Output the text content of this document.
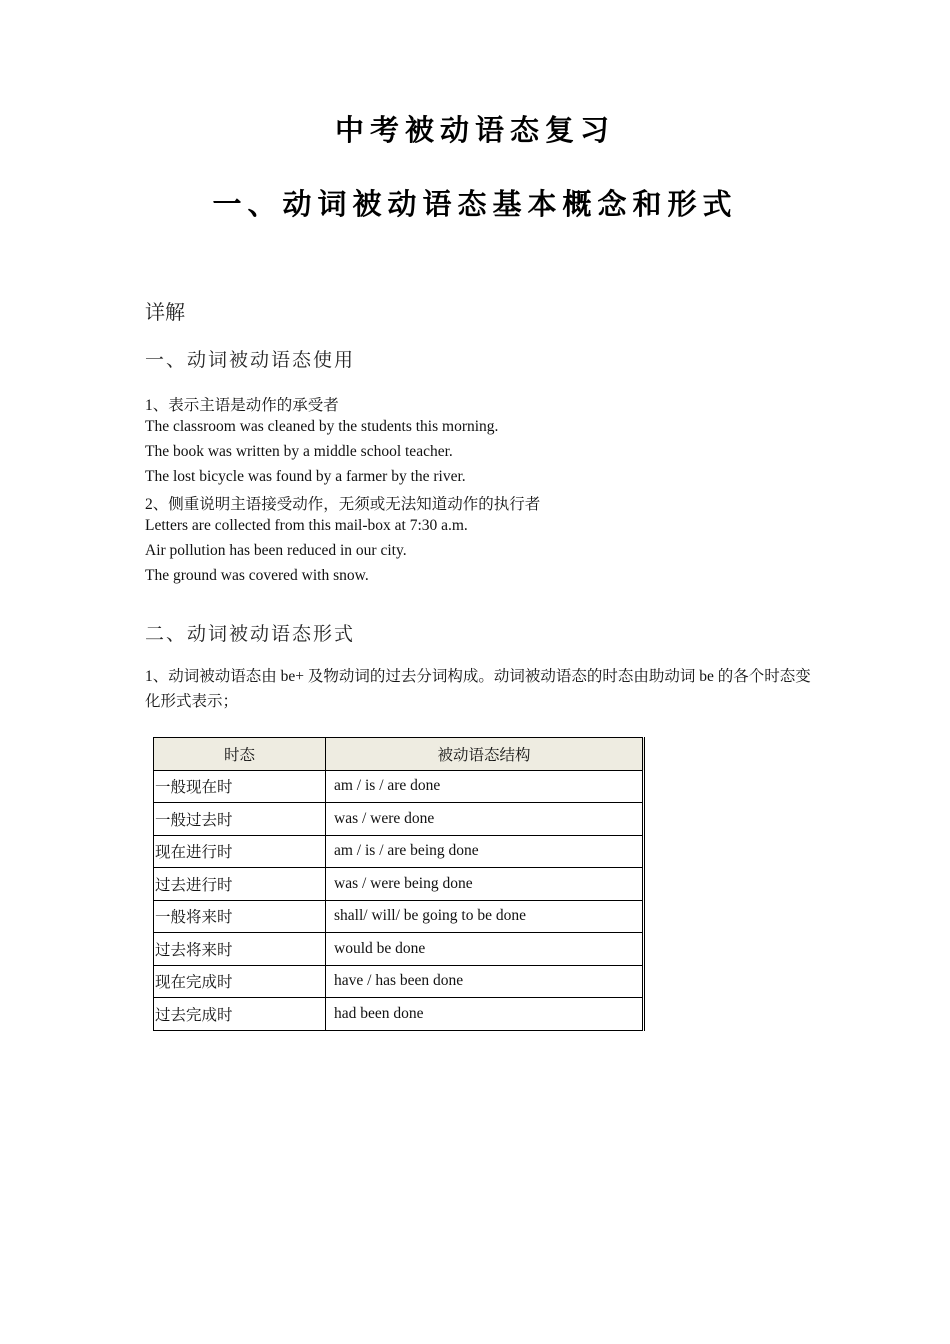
中考被动语态复习
一、动词被动语态基本概念和形式
详解
一、动词被动语态使用
1、表示主语是动作的承受者
The classroom was cleaned by the students this morning.
The book was written by a middle school teacher.
The lost bicycle was found by a farmer by the river.
2、侧重说明主语接受动作，无须或无法知道动作的执行者
Letters are collected from this mail-box at 7:30 a.m.
Air pollution has been reduced in our city.
The ground was covered with snow.
二、动词被动语态形式
1、动词被动语态由 be+ 及物动词的过去分词构成。动词被动语态的时态由助动词 be 的各个时态变化形式表示；
时态	被动语态结构
一般现在时	am / is / are done
一般过去时	was / were done
现在进行时	am / is / are being done
过去进行时	was / were being done
一般将来时	shall/ will/ be going to be done
过去将来时	would be done
现在完成时	have / has been done
过去完成时	had been done
